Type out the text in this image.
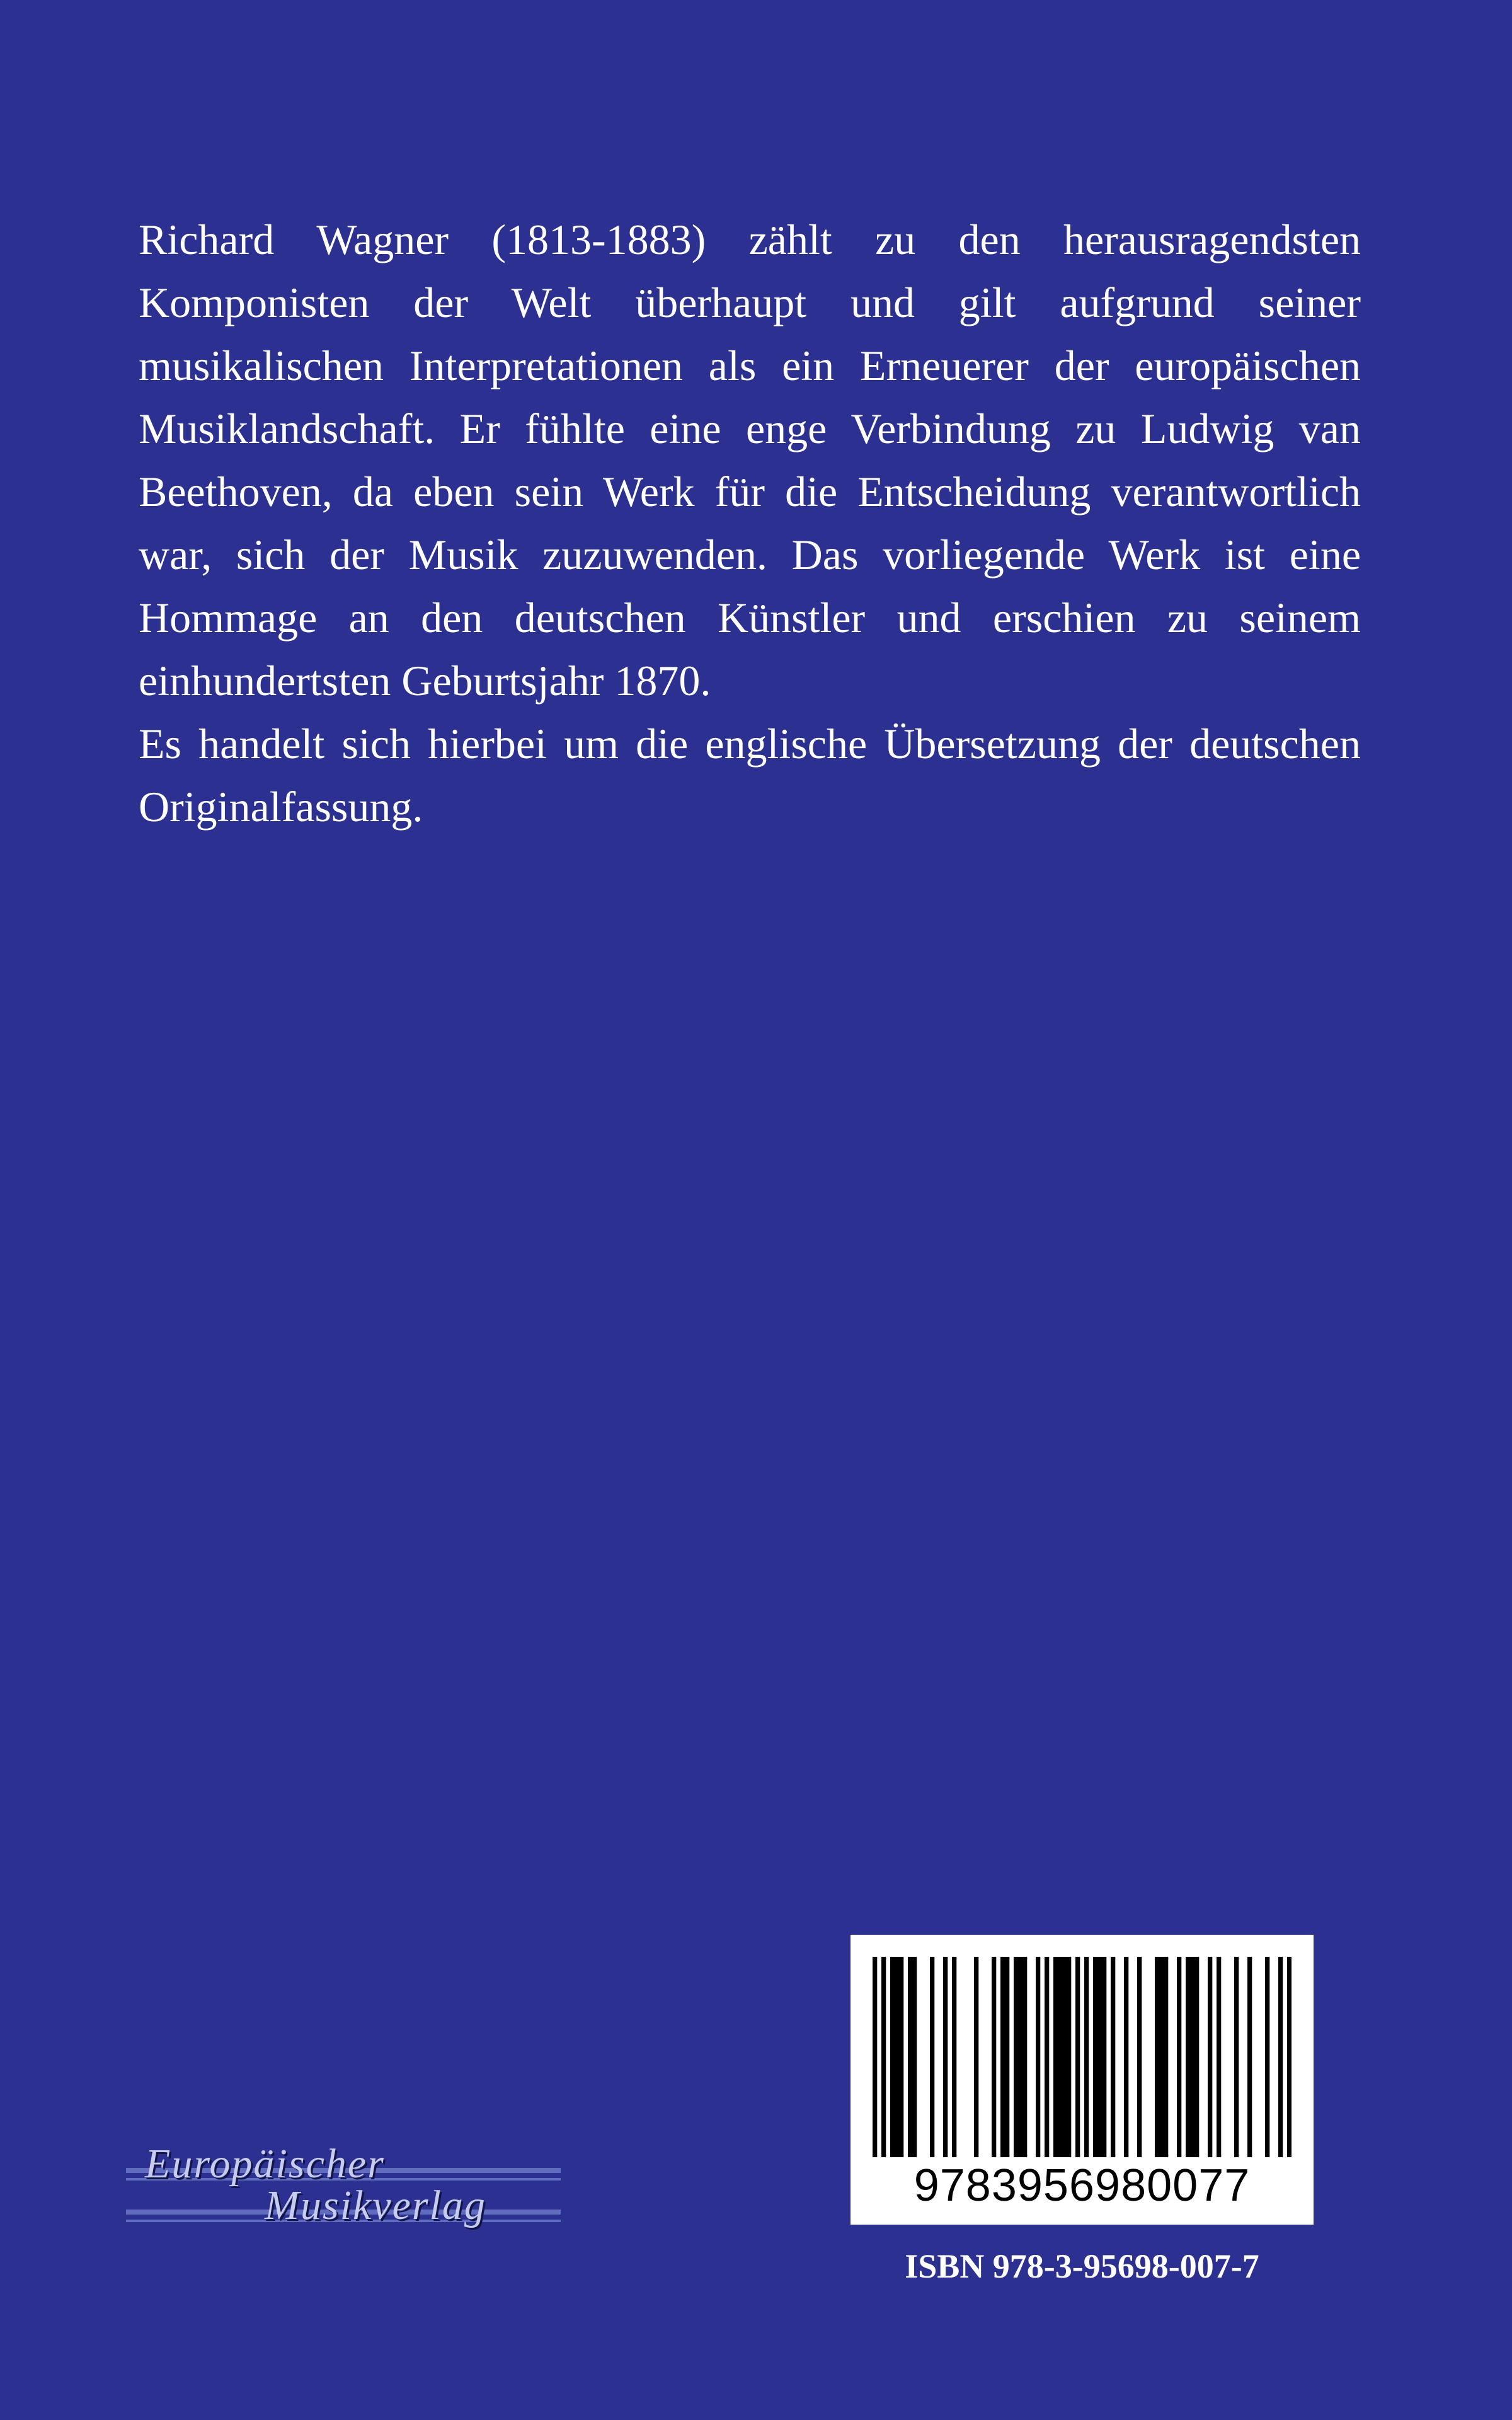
Richard Wagner (1813-1883) zählt zu den herausragendsten Komponisten der Welt überhaupt und gilt aufgrund seiner musikalischen Interpretationen als ein Erneuerer der europäischen Musiklandschaft. Er fühlte eine enge Verbindung zu Ludwig van Beethoven, da eben sein Werk für die Entscheidung verantwortlich war, sich der Musik zuzuwenden. Das vorliegende Werk ist eine Hommage an den deutschen Künstler und erschien zu seinem einhundertsten Geburtsjahr 1870.

Es handelt sich hierbei um die englische Übersetzung der deutschen Originalfassung.

Europäischer
Musikverlag	9783956980077
ISBN 978-3-95698-007-7
